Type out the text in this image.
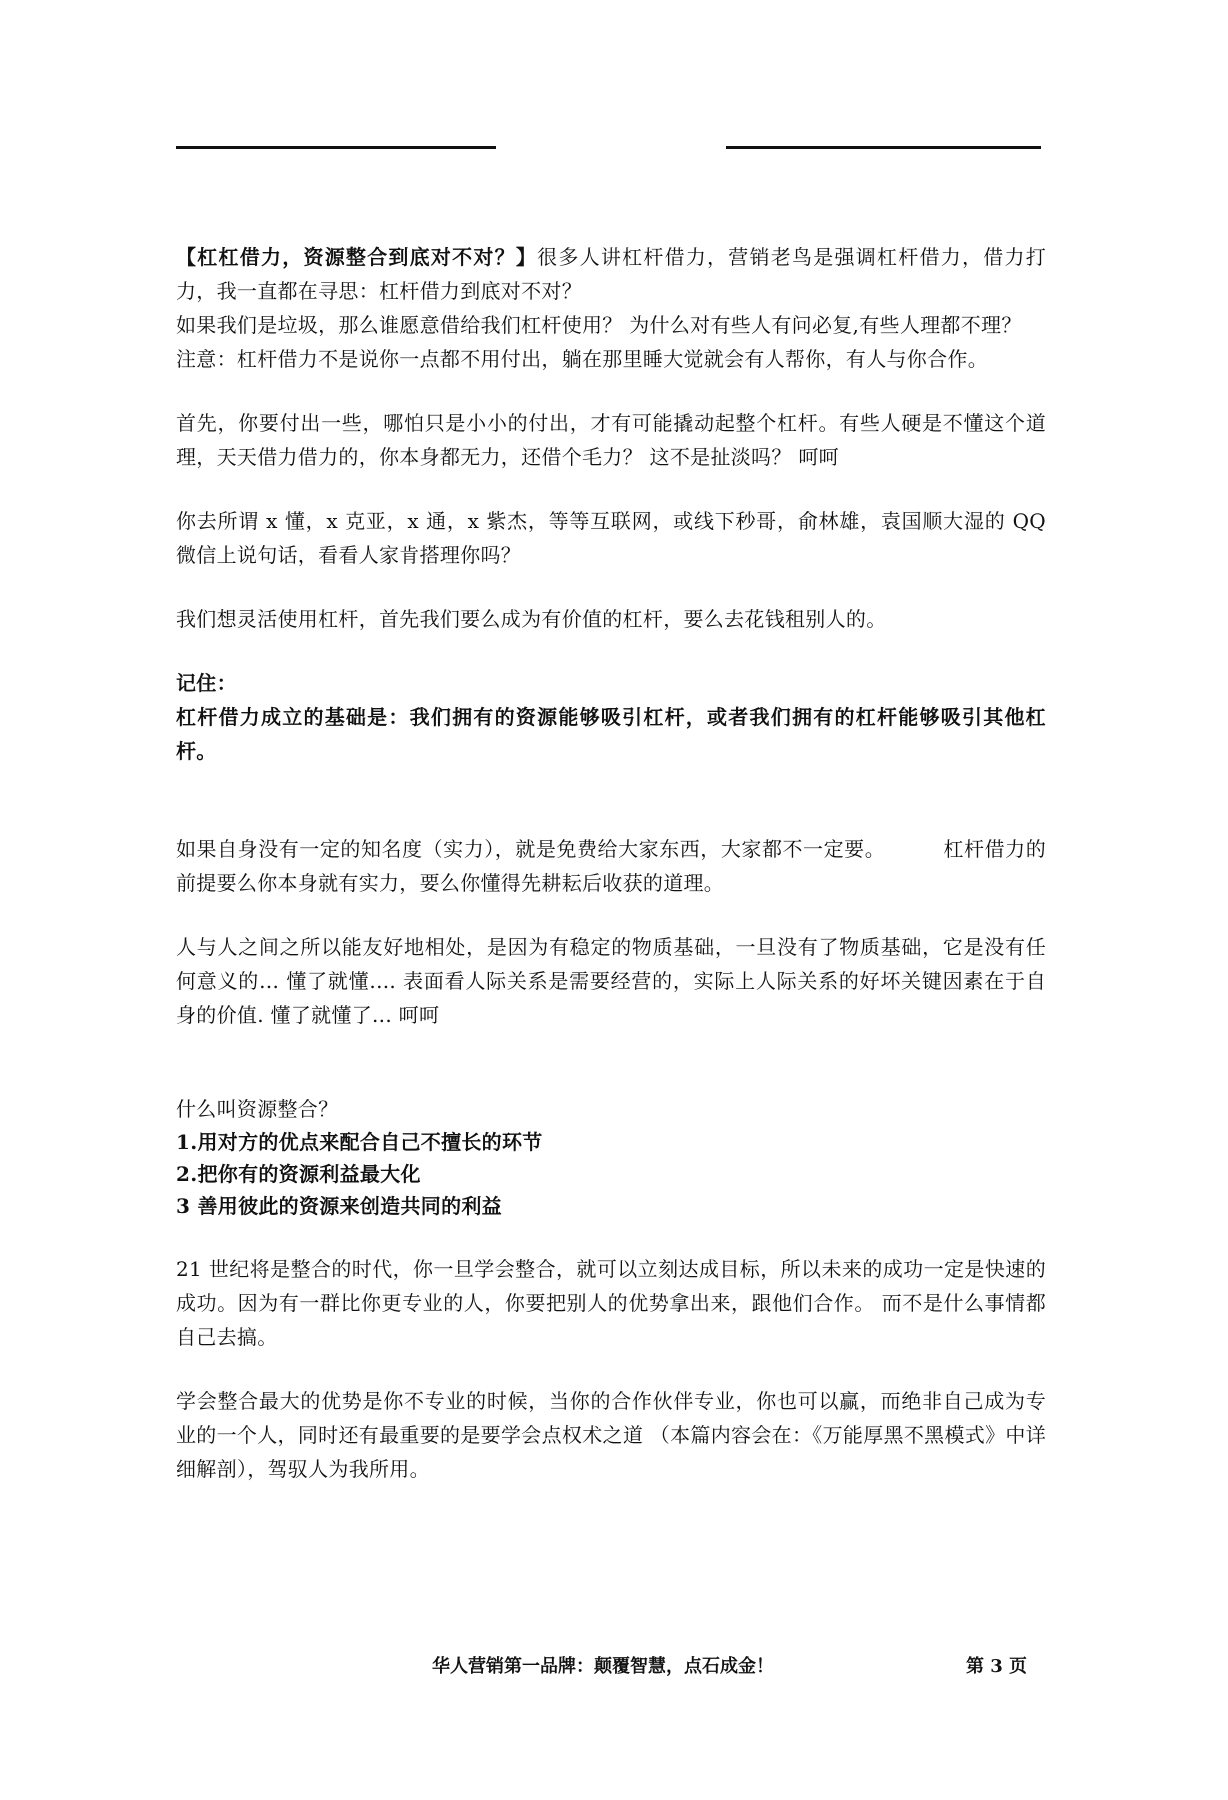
【杠杠借力，资源整合到底对不对？】很多人讲杠杆借力，营销老鸟是强调杠杆借力，借力打力，我一直都在寻思：杠杆借力到底对不对？

如果我们是垃圾，那么谁愿意借给我们杠杆使用？ 为什么对有些人有问必复,有些人理都不理？

注意：杠杆借力不是说你一点都不用付出，躺在那里睡大觉就会有人帮你，有人与你合作。

首先，你要付出一些，哪怕只是小小的付出，才有可能撬动起整个杠杆。有些人硬是不懂这个道理，天天借力借力的，你本身都无力，还借个毛力？ 这不是扯淡吗？ 呵呵

你去所谓 x 懂，x 克亚，x 通，x 紫杰，等等互联网，或线下秒哥，俞林雄，袁国顺大湿的 QQ 微信上说句话，看看人家肯搭理你吗？

我们想灵活使用杠杆，首先我们要么成为有价值的杠杆，要么去花钱租别人的。

记住：

杠杆借力成立的基础是：我们拥有的资源能够吸引杠杆，或者我们拥有的杠杆能够吸引其他杠杆。

如果自身没有一定的知名度（实力），就是免费给大家东西，大家都不一定要。	杠杆借力的前提要么你本身就有实力，要么你懂得先耕耘后收获的道理。

人与人之间之所以能友好地相处，是因为有稳定的物质基础，一旦没有了物质基础，它是没有任何意义的… 懂了就懂.... 表面看人际关系是需要经营的，实际上人际关系的好坏关键因素在于自身的价值. 懂了就懂了... 呵呵

什么叫资源整合？

1.用对方的优点来配合自己不擅长的环节

2.把你有的资源利益最大化

3 善用彼此的资源来创造共同的利益

21 世纪将是整合的时代，你一旦学会整合，就可以立刻达成目标，所以未来的成功一定是快速的成功。因为有一群比你更专业的人，你要把别人的优势拿出来，跟他们合作。 而不是什么事情都自己去搞。

学会整合最大的优势是你不专业的时候，当你的合作伙伴专业，你也可以赢，而绝非自己成为专业的一个人，同时还有最重要的是要学会点权术之道 （本篇内容会在：《万能厚黑不黑模式》中详细解剖），驾驭人为我所用。

华人营销第一品牌：颠覆智慧，点石成金！	第 3 页
